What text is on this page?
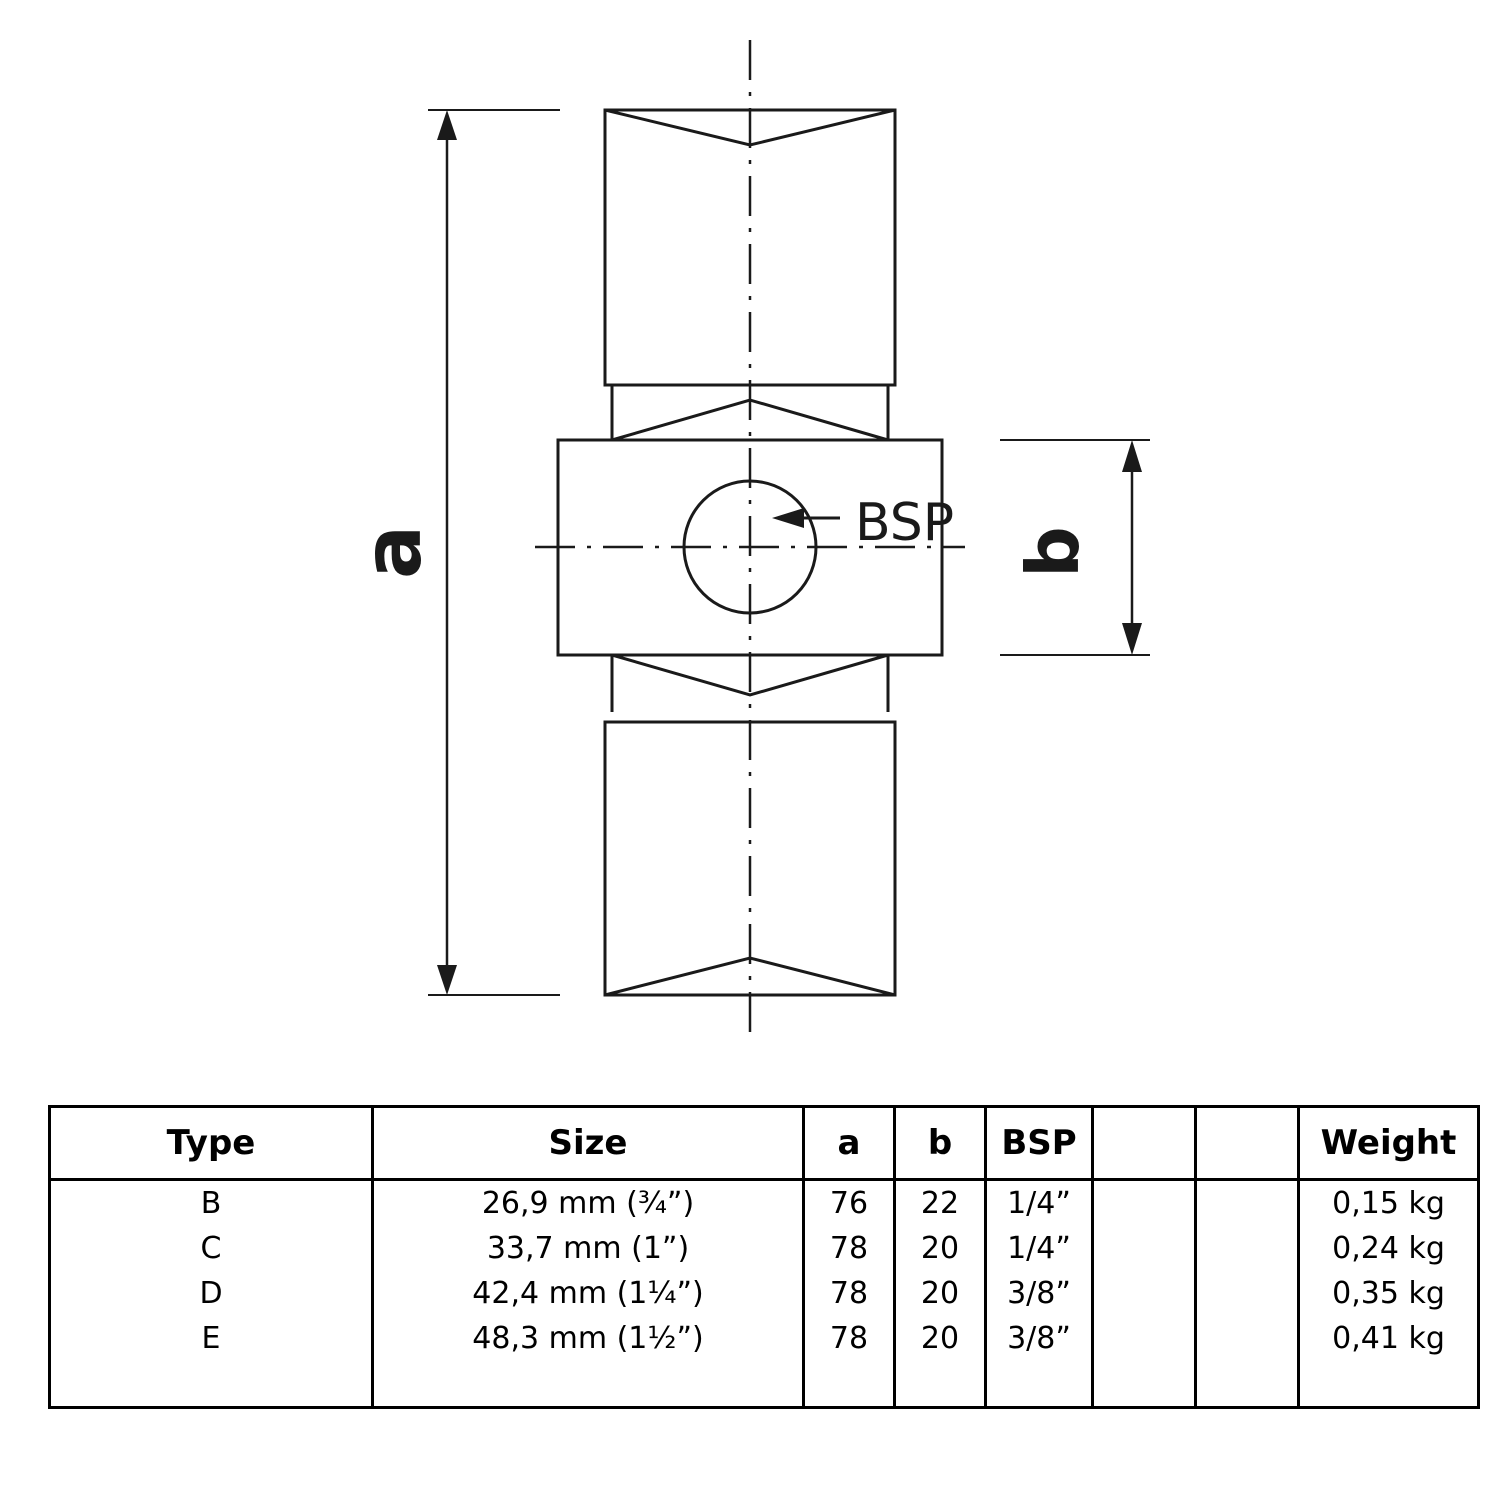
a	b
BSP
Type	Size	a	b	BSP			Weight
B	26,9 mm (¾”)	76	22	1/4”			0,15 kg
C	33,7 mm (1”)	78	20	1/4”			0,24 kg
D	42,4 mm (1¼”)	78	20	3/8”			0,35 kg
E	48,3 mm (1½”)	78	20	3/8”			0,41 kg
